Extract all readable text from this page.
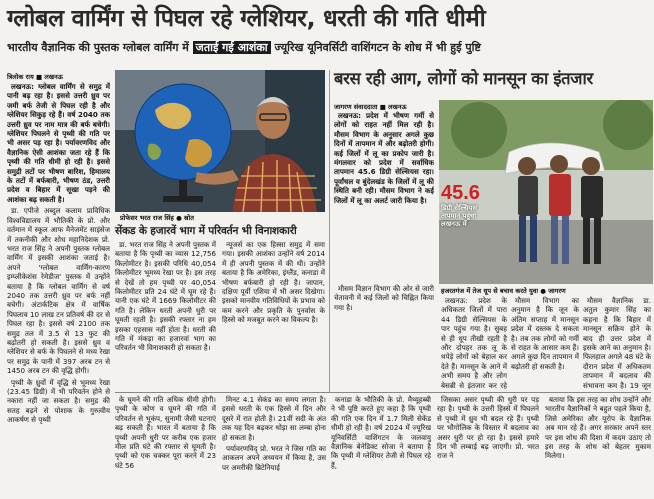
ग्लोबल वार्मिंग से पिघल रहे ग्लेशियर, धरती की गति धीमी
भारतीय वैज्ञानिक की पुस्तक ग्लोबल वार्मिंग में जताई गई आशंका ज्यूरिख यूनिवर्सिटी वाशिंगटन के शोध में भी हुई पुष्टि
त्रिलोक राय ■ लखनऊ

लखनऊ: ग्लोबल वार्मिंग से समुद्र में पानी बढ़ रहा है। इससे उत्तरी ध्रुव पर जमी बर्फ तेजी से पिघल रही है और ग्लेशियर सिकुड़ रहे हैं। वर्ष 2040 तक उत्तरी ध्रुव पर नाम मात्र की बर्फ बचेगी। ग्लेशियर पिघलने से पृथ्वी की गति पर भी असर पड़ रहा है। पर्यावरणविद और वैज्ञानिक ऐसी आशंका जता रहे हैं कि पृथ्वी की गति धीमी हो रही है। इससे समुद्री तटों पर भीषण बारिश, हिमालय के तटों में बर्फबारी, भीषण ठंड, उत्तरी प्रदेश व बिहार में सूखा पड़ने की आशंका बढ़ सकती है।

डा. एपीजे अब्दुल कलाम प्राविधिक विश्वविद्यालय में भौतिकी के प्रो. और वर्तमान में स्कूल आफ मैनेजमेंट साइंसेज में तकनीकी और शोध महानिदेशक प्रो. भरत राज सिंह ने अपनी पुस्तक ग्लोबल वार्मिंग में इसकी आशंका जताई है। अपने 'ग्लोबल वार्मिंग-कारण इम्प्लीकेशंस रेमेडीज' पुस्तक में उन्होंने बताया है कि ग्लोबल वार्मिंग से वर्ष 2040 तक उत्तरी ध्रुव पर बर्फ नहीं बचेगी। अंटार्कटिक क्षेत्र में वार्षिक पिघलाव 10 लाख टन प्रतिवर्ष की दर से पिघल रहा है। इससे वर्ष 2100 तक समुद्र तल में 3.5 से 13 फुट की बढ़ोतरी हो सकती है। इससे ध्रुव व ग्लेशियर से बर्फ के पिघलने से मध्य रेखा पर समुद्र के पानी में 397 अरब टन से 1450 अरब टन की वृद्धि होगी।

पृथ्वी के ध्रुवों में वृद्धि से भूमध्य रेखा (23.45 डिग्री) में भी परिवर्तन होने से नकारा नहीं जा सकता है। समुद्र की सतह बढ़ने से पोशाक के गुरुत्वीय आकर्षण से पृथ्वी

प्रोफेसर भरत राज सिंह ● स्रोत
सेंकड के हजारवें भाग में परिवर्तन भी विनाशकारी

डा. भरत राज सिंह ने अपनी पुस्तक में बताया है कि पृथ्वी का व्यास 12,756 किलोमीटर है। इसकी परिधि 40,054 किलोमीटर भूमध्य रेखा पर है। इस तरह से देखें तो हम पृथ्वी पर 40,054 किलोमीटर प्रति 24 घंटे में घूम रहे हैं। यानी एक घंटे में 1669 किलोमीटर की गति है। लेकिन धरती अपनी धुरी पर घूमती रहती है। इसकी रफ्तार ना हम इसका एहसास नहीं होता है। धरती की गति में मंकड़ा का हजारवां भाग का परिवर्तन भी विनाशकारी हो सकता है।

न्यूजर्स का एक हिस्सा समुद्र में समा गया। इसकी आशंका उन्होंने वर्ष 2014 में ही अपनी पुस्तक में की थी। उन्होंने बताया है कि अमेरिका, इंग्लैंड, कनाडा में भीषण बर्फबारी हो रही है। जापान, दक्षिण पूर्वी एशिया में भी असर दिखेगा। इसको मानवीय गतिविधियों के प्रभाव को कम करने और प्रकृति के पुनर्वास के हिस्से को मजबूत करने का विकल्प है।

के घूमने की गति अधिक धीमी होगी। पृथ्वी के कोण व घूमने की गति में परिवर्तन से भूकंप, सुनामी जैसी घटनाएं बढ़ सकती हैं। भारत में बताया है कि पृथ्वी अपनी धुरी पर करीब एक हजार मील प्रति घंटे की रफ्तार से घूमती है। पृथ्वी को एक चक्कर पूरा करने में 23 घंटे 56

मिनट 4.1 सेकंड का समय लगता है। इससे धरती के एक हिस्से में दिन और दूसरे में रात होती है। 21वीं सदी के अंत तक यह दिन बढ़कर थोड़ा सा लम्बा होना हो सकता है।

पर्यावरणविद् प्रो. भरत ने जिस गति का आकलन अपने अध्ययन में किया है, उस पर अमरीकी ब्रिटेनियाई

कनाडा के भौतिकी के प्रो. मैथ्यूहब्बी ने भी पुष्टि करते हुए कहा है कि पृथ्वी की गति एक दिन में 1.7 मिली सेकेंड धीमी हो रही है। वर्ष 2024 में ज्यूरिख यूनिवर्सिटी वाशिंगटन के जलवायु वैज्ञानिक बेनेडिक्ट सोजा ने बताया है कि पृथ्वी में ग्लेशियर तेजी से पिघल रहे हैं,

जिसका असर पृथ्वी की धुरी पर पड़ रहा है। पृथ्वी के उत्तरी हिस्से में पिघलने से पृथ्वी में ध्रुव भी बदल रहे हैं। पृथ्वी पर भौगोलिक के विस्तार में बदलाव का असर धुरी पर हो रहा है। इससे हमारे दिन भी लम्बाई बढ़ जाएगी। प्रो. भरत राज ने

बताया कि इस तरह का शोध उन्होंने और भारतीय वैज्ञानिकों ने बहुत पहले किया है, जिसे अमेरिका और यूरोप के वैज्ञानिक अब मान रहे हैं। अगर सरकार अपने स्तर पर इस शोध की दिशा में कदम उठाए तो इस तरह के शोध को बेहतर मुकाम मिलेगा।

बरस रही आग, लोगों को मानसून का इंतजार
जागरण संवाददाता ■ लखनऊ

लखनऊ: प्रदेश में भीषण गर्मी से लोगों को राहत नहीं मिल रही है। मौसम विभाग के अनुसार अगले कुछ दिनों में तापमान में और बढ़ोतरी होगी। कई जिलों में लू का प्रकोप जारी है। मंगलवार को प्रदेश में सर्वाधिक तापमान 45.6 डिग्री सेल्सियस रहा। पूर्वांचल व बुंदेलखंड के जिलों में लू की स्थिति बनी रही। मौसम विभाग ने कई जिलों में लू का अलर्ट जारी किया है। 45.6
डिग्री सेल्सियस तापमान पहुंचा लखनऊ में
हजरतगंज में तेज धूप से बचाव करते युवा ● जागरण

मौसम विज्ञान विभाग की ओर से जारी चेतावनी में कई जिलों को चिह्नित किया गया है।

लखनऊ: प्रदेश के अधिकतर जिलों में पारा 44 डिग्री सेल्सियस के पार पहुंच गया है। सुबह से ही धूप तीखी रहती है और दोपहर तक लू के थपेड़े लोगों को बेहाल कर देते हैं। मानसून के आने में अभी समय है और लोग बेसब्री से इंतजार कर रहे

मौसम विभाग का अनुमान है कि जून के अंतिम सप्ताह में मानसून प्रदेश में दस्तक दे सकता है। तब तक लोगों को गर्मी से राहत के आसार कम हैं। अगले कुछ दिन तापमान में बढ़ोतरी हो सकती है।

मौसम वैज्ञानिक डा. अतुल कुमार सिंह का कहना है कि बिहार में मानसून सक्रिय होने के बाद ही उत्तर प्रदेश में इसके आने का अनुमान है। फिलहाल अगले 48 घंटे के दौरान प्रदेश में अधिकतम तापमान में बदलाव की संभावना कम है। 19 जून
